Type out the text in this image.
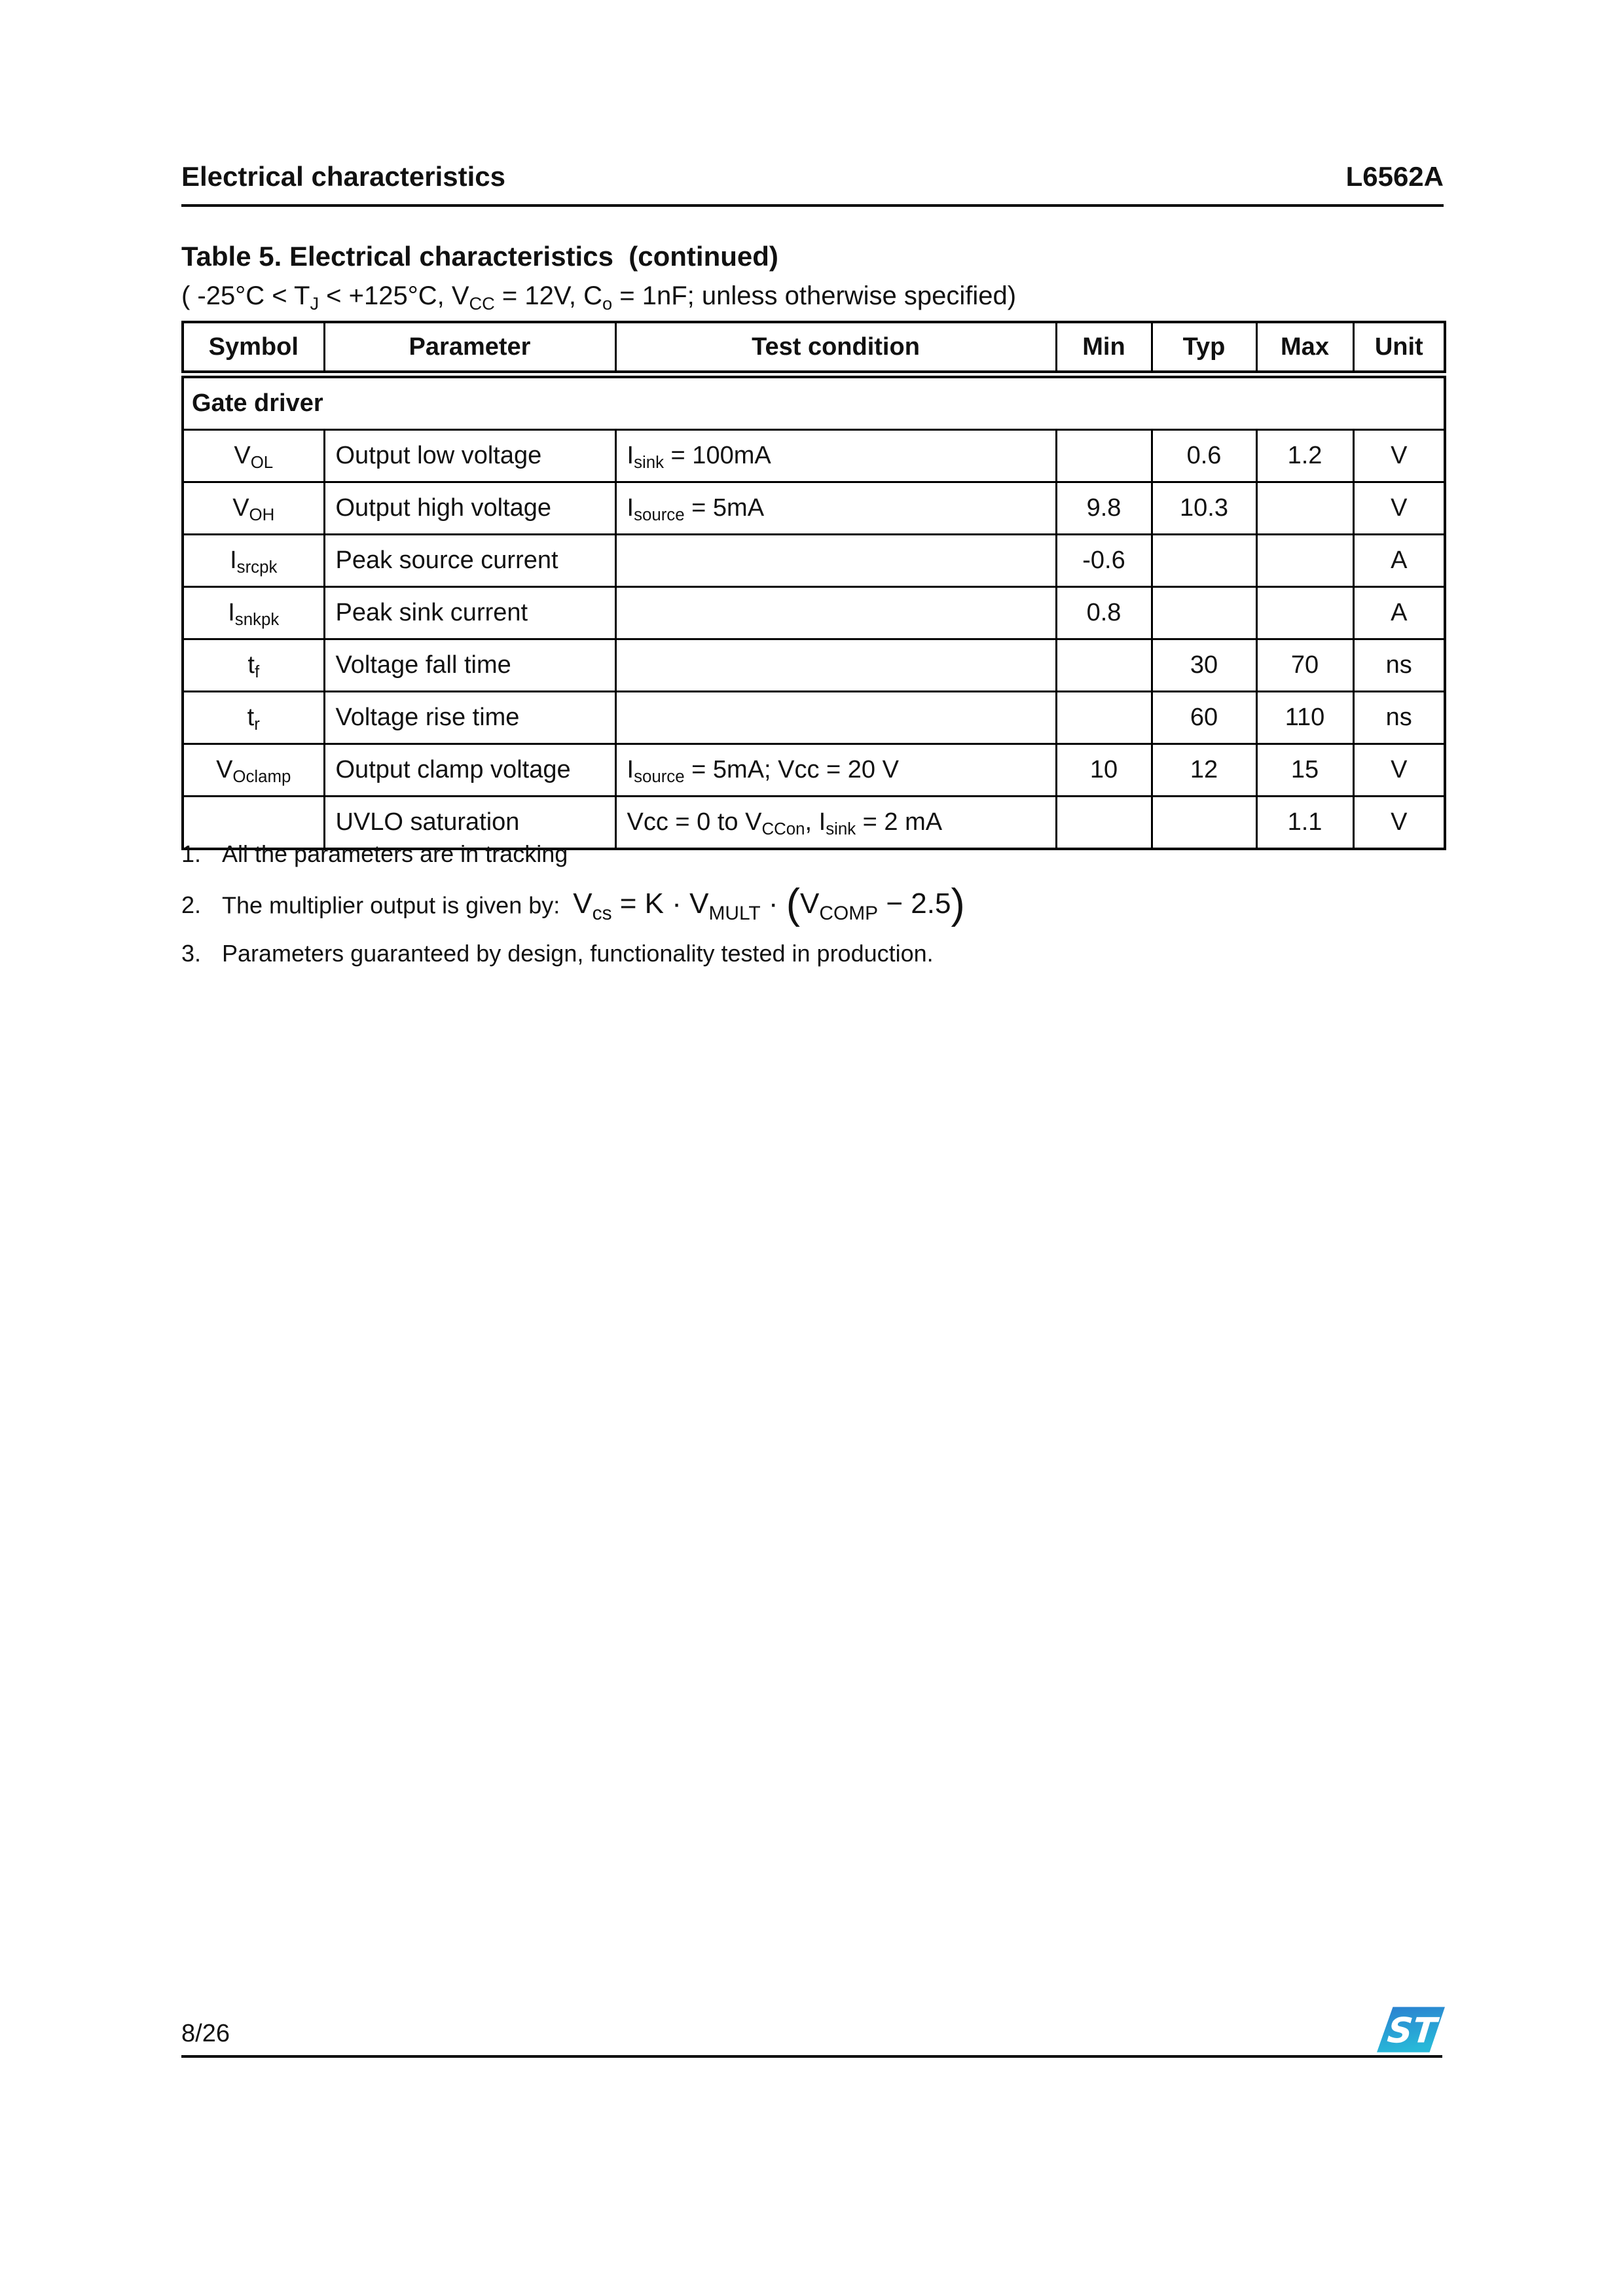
Electrical characteristics	L6562A
Table 5. Electrical characteristics  (continued)
( -25°C < TJ < +125°C, VCC = 12V, Co = 1nF; unless otherwise specified)
Symbol	Parameter	Test condition	Min	Typ	Max	Unit
Gate driver						
VOL	Output low voltage	Isink = 100mA		0.6	1.2	V
VOH	Output high voltage	Isource = 5mA	9.8	10.3		V
Isrcpk	Peak source current		-0.6			A
Isnkpk	Peak sink current		0.8			A
tf	Voltage fall time			30	70	ns
tr	Voltage rise time			60	110	ns
VOclamp	Output clamp voltage	Isource = 5mA; Vcc = 20 V	10	12	15	V
	UVLO saturation	Vcc = 0 to VCCon, Isink = 2 mA			1.1	V
1. All the parameters are in tracking
2. The multiplier output is given by:  $V_{cs} = K \cdot V_{MULT} \cdot (V_{COMP} - 2.5)$
3. Parameters guaranteed by design, functionality tested in production.
8/26	ST
